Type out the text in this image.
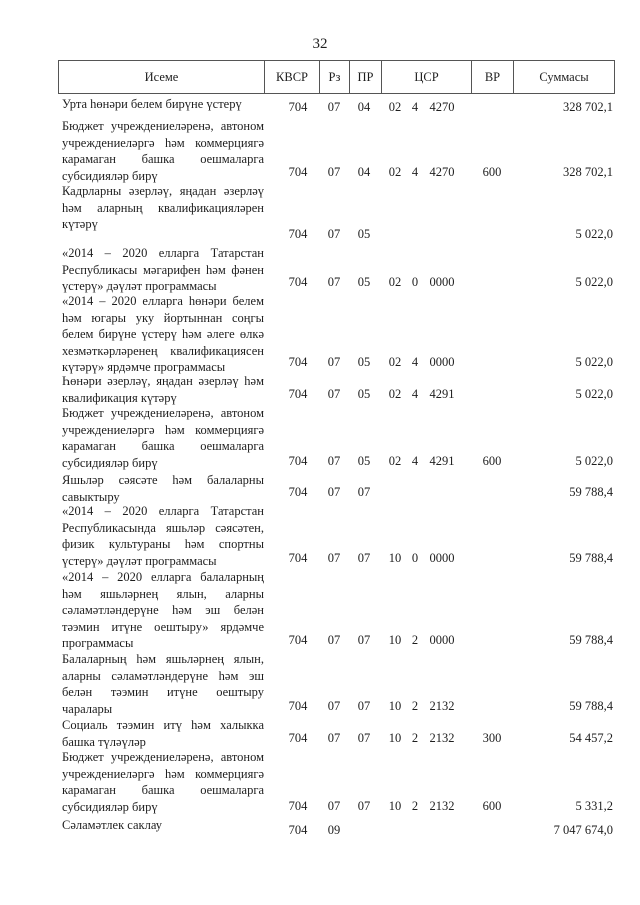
32
Исеме	КВСР	Рз	ПР	ЦСР	ВР	Суммасы
Урта һөнәри белем бирүне үстерү	704	07	04	02 4 4270	328 702,1
Бюджет учреждениеләренә, автоном
учреждениеләргә һәм коммерциягә
карамаган башка оешмаларга
субсидияләр бирү	704	07	04	02 4 4270	600	328 702,1
Кадрларны әзерләү, яңадан әзерләү
һәм аларның квалификацияләрен
күтәрү
704	07	05	5 022,0
«2014 – 2020 елларга Татарстан
Республикасы мәгарифен һәм фәнен
үстерү» дәүләт программасы	704	07	05	02 0 0000	5 022,0
«2014 – 2020 елларга һөнәри белем
һәм югары уку йортыннан соңгы
белем бирүне үстерү һәм әлеге өлкә
хезмәткәрләренең квалификациясен
күтәрү» ярдәмче программасы	704	07	05	02 4 0000	5 022,0
Һөнәри әзерләү, яңадан әзерләү һәм
квалификация күтәрү	704	07	05	02 4 4291	5 022,0
Бюджет учреждениеләренә, автоном
учреждениеләргә һәм коммерциягә
карамаган башка оешмаларга
субсидияләр бирү	704	07	05	02 4 4291	600	5 022,0
Яшьләр сәясәте һәм балаларны
савыктыру	704	07	07	59 788,4
«2014 – 2020 елларга Татарстан
Республикасында яшьләр сәясәтен,
физик культураны һәм спортны
үстерү» дәүләт программасы	704	07	07	10 0 0000	59 788,4
«2014 – 2020 елларга балаларның
һәм яшьләрнең ялын, аларны
сәламәтләндерүне һәм эш белән
тәэмин итүне оештыру» ярдәмче
программасы	704	07	07	10 2 0000	59 788,4
Балаларның һәм яшьләрнең ялын,
аларны сәламәтләндерүне һәм эш
белән тәэмин итүне оештыру
чаралары	704	07	07	10 2 2132	59 788,4
Социаль тәэмин итү һәм халыкка
башка түләүләр	704	07	07	10 2 2132	300	54 457,2
Бюджет учреждениеләренә, автоном
учреждениеләргә һәм коммерциягә
карамаган башка оешмаларга
субсидияләр бирү	704	07	07	10 2 2132	600	5 331,2
Сәламәтлек саклау	704	09	7 047 674,0
